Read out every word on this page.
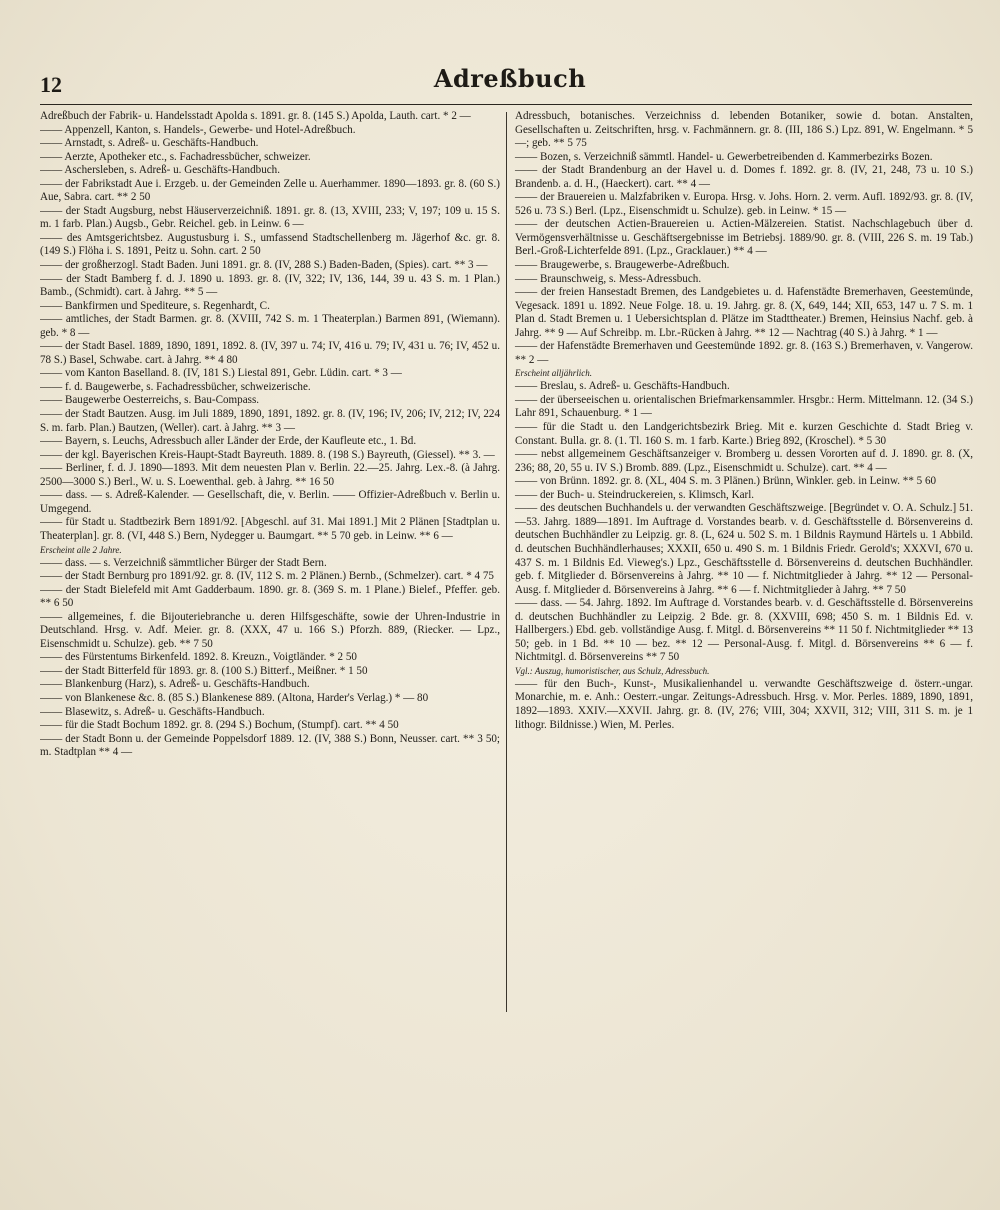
12	Adreßbuch
Adreßbuch der Fabrik- u. Handelsstadt Apolda s. 1891. gr. 8. (145 S.) Apolda, Lauth. cart. * 2 —
—— Appenzell, Kanton, s. Handels-, Gewerbe- und Hotel-Adreßbuch.
—— Arnstadt, s. Adreß- u. Geschäfts-Handbuch.
—— Aerzte, Apotheker etc., s. Fachadressbücher, schweizer.
—— Aschersleben, s. Adreß- u. Geschäfts-Handbuch.
—— der Fabrikstadt Aue i. Erzgeb. u. der Gemeinden Zelle u. Auerhammer. 1890—1893. gr. 8. (60 S.) Aue, Sabra. cart. ** 2 50
—— der Stadt Augsburg, nebst Häuserverzeichniß. 1891. gr. 8. (13, XVIII, 233; V, 197; 109 u. 15 S. m. 1 farb. Plan.) Augsb., Gebr. Reichel. geb. in Leinw. 6 —
—— des Amtsgerichtsbez. Augustusburg i. S., umfassend Stadtschellenberg m. Jägerhof &c. gr. 8. (149 S.) Flöha i. S. 1891, Peitz u. Sohn. cart. 2 50
—— der großherzogl. Stadt Baden. Juni 1891. gr. 8. (IV, 288 S.) Baden-Baden, (Spies). cart. ** 3 —
—— der Stadt Bamberg f. d. J. 1890 u. 1893. gr. 8. (IV, 322; IV, 136, 144, 39 u. 43 S. m. 1 Plan.) Bamb., (Schmidt). cart. à Jahrg. ** 5 —
—— Bankfirmen und Spediteure, s. Regenhardt, C.
—— amtliches, der Stadt Barmen. gr. 8. (XVIII, 742 S. m. 1 Theaterplan.) Barmen 891, (Wiemann). geb. * 8 —
—— der Stadt Basel. 1889, 1890, 1891, 1892. 8. (IV, 397 u. 74; IV, 416 u. 79; IV, 431 u. 76; IV, 452 u. 78 S.) Basel, Schwabe. cart. à Jahrg. ** 4 80
—— vom Kanton Baselland. 8. (IV, 181 S.) Liestal 891, Gebr. Lüdin. cart. * 3 —
—— f. d. Baugewerbe, s. Fachadressbücher, schweizerische.
—— Baugewerbe Oesterreichs, s. Bau-Compass.
—— der Stadt Bautzen. Ausg. im Juli 1889, 1890, 1891, 1892. gr. 8. (IV, 196; IV, 206; IV, 212; IV, 224 S. m. farb. Plan.) Bautzen, (Weller). cart. à Jahrg. ** 3 —
—— Bayern, s. Leuchs, Adressbuch aller Länder der Erde, der Kaufleute etc., 1. Bd.
—— der kgl. Bayerischen Kreis-Haupt-Stadt Bayreuth. 1889. 8. (198 S.) Bayreuth, (Giessel). ** 3. —
—— Berliner, f. d. J. 1890—1893. Mit dem neuesten Plan v. Berlin. 22.—25. Jahrg. Lex.-8. (à Jahrg. 2500—3000 S.) Berl., W. u. S. Loewenthal. geb. à Jahrg. ** 16 50
—— dass. — s. Adreß-Kalender. — Gesellschaft, die, v. Berlin. —— Offizier-Adreßbuch v. Berlin u. Umgegend.
—— für Stadt u. Stadtbezirk Bern 1891/92. [Abgeschl. auf 31. Mai 1891.] Mit 2 Plänen [Stadtplan u. Theaterplan]. gr. 8. (VI, 448 S.) Bern, Nydegger u. Baumgart. ** 5 70 geb. in Leinw. ** 6 —
Erscheint alle 2 Jahre.
—— dass. — s. Verzeichniß sämmtlicher Bürger der Stadt Bern.
—— der Stadt Bernburg pro 1891/92. gr. 8. (IV, 112 S. m. 2 Plänen.) Bernb., (Schmelzer). cart. * 4 75
—— der Stadt Bielefeld mit Amt Gadderbaum. 1890. gr. 8. (369 S. m. 1 Plane.) Bielef., Pfeffer. geb. ** 6 50
—— allgemeines, f. die Bijouteriebranche u. deren Hilfsgeschäfte, sowie der Uhren-Industrie in Deutschland. Hrsg. v. Adf. Meier. gr. 8. (XXX, 47 u. 166 S.) Pforzh. 889, (Riecker. — Lpz., Eisenschmidt u. Schulze). geb. ** 7 50
—— des Fürstentums Birkenfeld. 1892. 8. Kreuzn., Voigtländer. * 2 50
—— der Stadt Bitterfeld für 1893. gr. 8. (100 S.) Bitterf., Meißner. * 1 50
—— Blankenburg (Harz), s. Adreß- u. Geschäfts-Handbuch.
—— von Blankenese &c. 8. (85 S.) Blankenese 889. (Altona, Harder's Verlag.) * — 80
—— Blasewitz, s. Adreß- u. Geschäfts-Handbuch.
—— für die Stadt Bochum 1892. gr. 8. (294 S.) Bochum, (Stumpf). cart. ** 4 50
—— der Stadt Bonn u. der Gemeinde Poppelsdorf 1889. 12. (IV, 388 S.) Bonn, Neusser. cart. ** 3 50; m. Stadtplan ** 4 —
Adressbuch, botanisches. Verzeichniss d. lebenden Botaniker, sowie d. botan. Anstalten, Gesellschaften u. Zeitschriften, hrsg. v. Fachmännern. gr. 8. (III, 186 S.) Lpz. 891, W. Engelmann. * 5 —; geb. ** 5 75
—— Bozen, s. Verzeichniß sämmtl. Handel- u. Gewerbetreibenden d. Kammerbezirks Bozen.
—— der Stadt Brandenburg an der Havel u. d. Domes f. 1892. gr. 8. (IV, 21, 248, 73 u. 10 S.) Brandenb. a. d. H., (Haeckert). cart. ** 4 —
—— der Brauereien u. Malzfabriken v. Europa. Hrsg. v. Johs. Horn. 2. verm. Aufl. 1892/93. gr. 8. (IV, 526 u. 73 S.) Berl. (Lpz., Eisenschmidt u. Schulze). geb. in Leinw. * 15 —
—— der deutschen Actien-Brauereien u. Actien-Mälzereien. Statist. Nachschlagebuch über d. Vermögensverhältnisse u. Geschäftsergebnisse im Betriebsj. 1889/90. gr. 8. (VIII, 226 S. m. 19 Tab.) Berl.-Groß-Lichterfelde 891. (Lpz., Gracklauer.) ** 4 —
—— Braugewerbe, s. Braugewerbe-Adreßbuch.
—— Braunschweig, s. Mess-Adressbuch.
—— der freien Hansestadt Bremen, des Landgebietes u. d. Hafenstädte Bremerhaven, Geestemünde, Vegesack. 1891 u. 1892. Neue Folge. 18. u. 19. Jahrg. gr. 8. (X, 649, 144; XII, 653, 147 u. 7 S. m. 1 Plan d. Stadt Bremen u. 1 Uebersichtsplan d. Plätze im Stadttheater.) Bremen, Heinsius Nachf. geb. à Jahrg. ** 9 — Auf Schreibp. m. Lbr.-Rücken à Jahrg. ** 12 — Nachtrag (40 S.) à Jahrg. * 1 —
—— der Hafenstädte Bremerhaven und Geestemünde 1892. gr. 8. (163 S.) Bremerhaven, v. Vangerow. ** 2 —
Erscheint alljährlich.
—— Breslau, s. Adreß- u. Geschäfts-Handbuch.
—— der überseeischen u. orientalischen Briefmarkensammler. Hrsgbr.: Herm. Mittelmann. 12. (34 S.) Lahr 891, Schauenburg. * 1 —
—— für die Stadt u. den Landgerichtsbezirk Brieg. Mit e. kurzen Geschichte d. Stadt Brieg v. Constant. Bulla. gr. 8. (1. Tl. 160 S. m. 1 farb. Karte.) Brieg 892, (Kroschel). * 5 30
—— nebst allgemeinem Geschäftsanzeiger v. Bromberg u. dessen Vororten auf d. J. 1890. gr. 8. (X, 236; 88, 20, 55 u. IV S.) Bromb. 889. (Lpz., Eisenschmidt u. Schulze). cart. ** 4 —
—— von Brünn. 1892. gr. 8. (XL, 404 S. m. 3 Plänen.) Brünn, Winkler. geb. in Leinw. ** 5 60
—— der Buch- u. Steindruckereien, s. Klimsch, Karl.
—— des deutschen Buchhandels u. der verwandten Geschäftszweige. [Begründet v. O. A. Schulz.] 51.—53. Jahrg. 1889—1891. Im Auftrage d. Vorstandes bearb. v. d. Geschäftsstelle d. Börsenvereins d. deutschen Buchhändler zu Leipzig. gr. 8. (L, 624 u. 502 S. m. 1 Bildnis Raymund Härtels u. 1 Abbild. d. deutschen Buchhändlerhauses; XXXII, 650 u. 490 S. m. 1 Bildnis Friedr. Gerold's; XXXVI, 670 u. 437 S. m. 1 Bildnis Ed. Vieweg's.) Lpz., Geschäftsstelle d. Börsenvereins d. deutschen Buchhändler. geb. f. Mitglieder d. Börsenvereins à Jahrg. ** 10 — f. Nichtmitglieder à Jahrg. ** 12 — Personal-Ausg. f. Mitglieder d. Börsenvereins à Jahrg. ** 6 — f. Nichtmitglieder à Jahrg. ** 7 50
—— dass. — 54. Jahrg. 1892. Im Auftrage d. Vorstandes bearb. v. d. Geschäftsstelle d. Börsenvereins d. deutschen Buchhändler zu Leipzig. 2 Bde. gr. 8. (XXVIII, 698; 450 S. m. 1 Bildnis Ed. v. Hallbergers.) Ebd. geb. vollständige Ausg. f. Mitgl. d. Börsenvereins ** 11 50 f. Nichtmitglieder ** 13 50; geb. in 1 Bd. ** 10 — bez. ** 12 — Personal-Ausg. f. Mitgl. d. Börsenvereins ** 6 — f. Nichtmitgl. d. Börsenvereins ** 7 50
Vgl.: Auszug, humoristischer, aus Schulz, Adressbuch.
—— für den Buch-, Kunst-, Musikalienhandel u. verwandte Geschäftszweige d. österr.-ungar. Monarchie, m. e. Anh.: Oesterr.-ungar. Zeitungs-Adressbuch. Hrsg. v. Mor. Perles. 1889, 1890, 1891, 1892—1893. XXIV.—XXVII. Jahrg. gr. 8. (IV, 276; VIII, 304; XXVII, 312; VIII, 311 S. m. je 1 lithogr. Bildnisse.) Wien, M. Perles.
